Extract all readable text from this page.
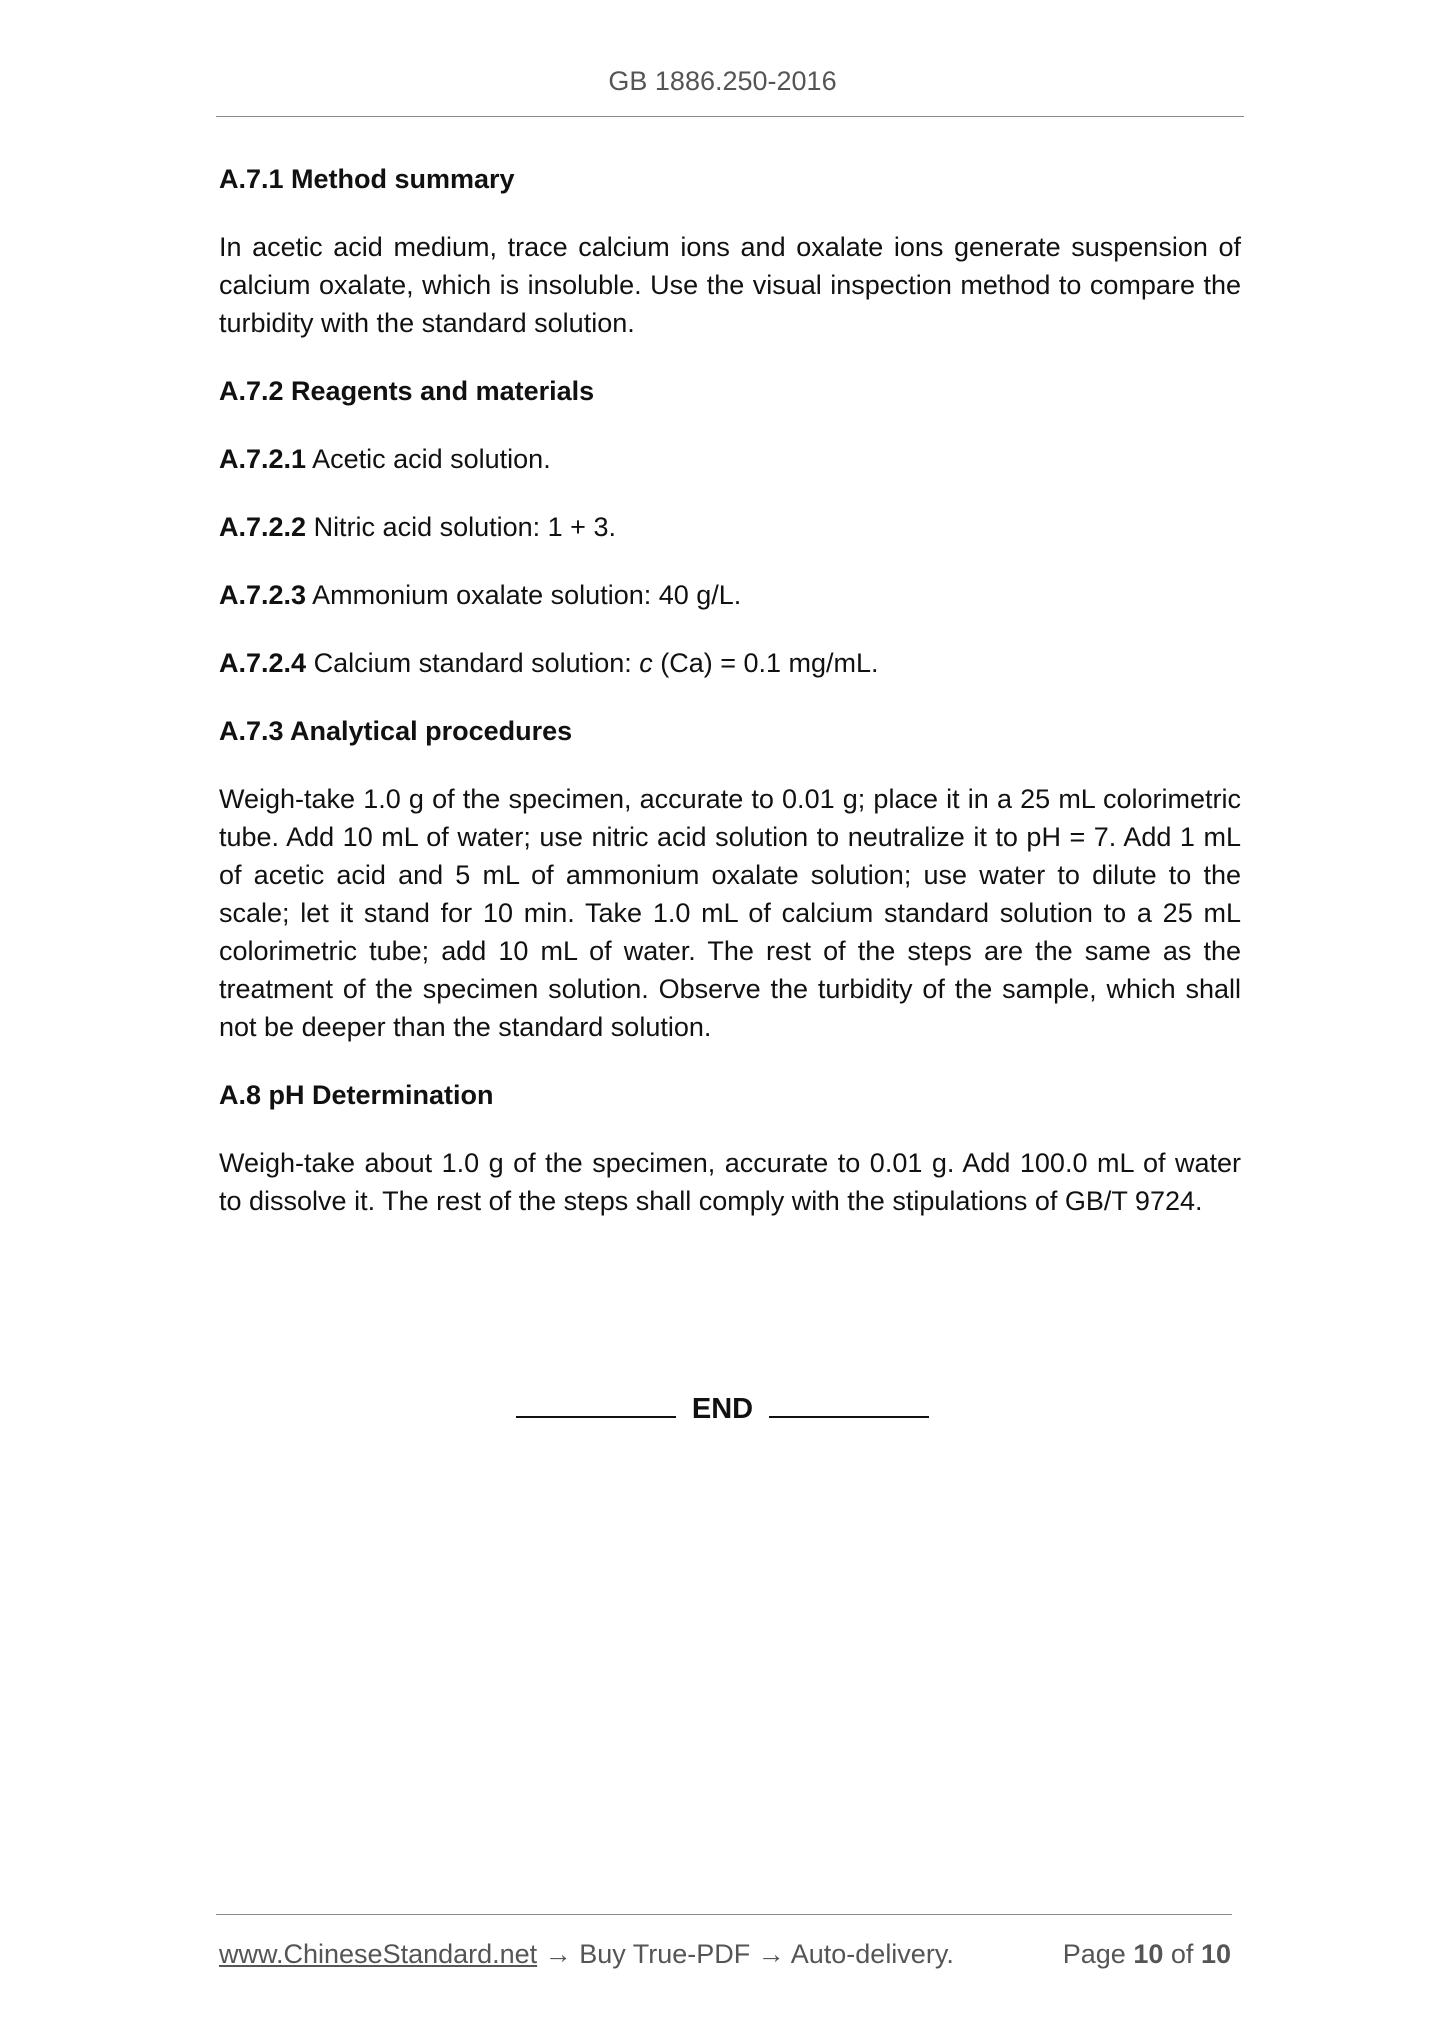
GB 1886.250-2016
A.7.1 Method summary
In acetic acid medium, trace calcium ions and oxalate ions generate suspension of calcium oxalate, which is insoluble. Use the visual inspection method to compare the turbidity with the standard solution.
A.7.2 Reagents and materials
A.7.2.1 Acetic acid solution.
A.7.2.2 Nitric acid solution: 1 + 3.
A.7.2.3 Ammonium oxalate solution: 40 g/L.
A.7.2.4 Calcium standard solution: c (Ca) = 0.1 mg/mL.
A.7.3 Analytical procedures
Weigh-take 1.0 g of the specimen, accurate to 0.01 g; place it in a 25 mL colorimetric tube. Add 10 mL of water; use nitric acid solution to neutralize it to pH = 7. Add 1 mL of acetic acid and 5 mL of ammonium oxalate solution; use water to dilute to the scale; let it stand for 10 min. Take 1.0 mL of calcium standard solution to a 25 mL colorimetric tube; add 10 mL of water. The rest of the steps are the same as the treatment of the specimen solution. Observe the turbidity of the sample, which shall not be deeper than the standard solution.
A.8 pH Determination
Weigh-take about 1.0 g of the specimen, accurate to 0.01 g. Add 100.0 mL of water to dissolve it. The rest of the steps shall comply with the stipulations of GB/T 9724.
END
www.ChineseStandard.net → Buy True-PDF → Auto-delivery.	Page 10 of 10
